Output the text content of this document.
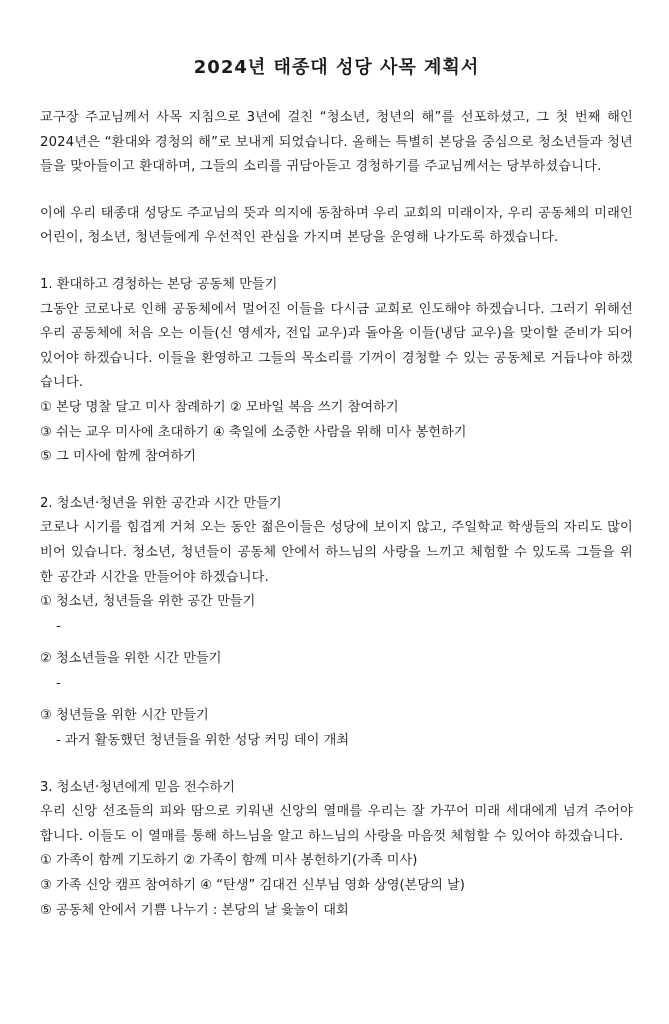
2024년 태종대 성당 사목 계획서

교구장 주교님께서 사목 지침으로 3년에 걸친 “청소년, 청년의 해”를 선포하셨고, 그 첫 번째 해인 2024년은 “환대와 경청의 해”로 보내게 되었습니다. 올해는 특별히 본당을 중심으로 청소년들과 청년들을 맞아들이고 환대하며, 그들의 소리를 귀담아듣고 경청하기를 주교님께서는 당부하셨습니다.

이에 우리 태종대 성당도 주교님의 뜻과 의지에 동참하며 우리 교회의 미래이자, 우리 공동체의 미래인 어린이, 청소년, 청년들에게 우선적인 관심을 가지며 본당을 운영해 나가도록 하겠습니다.

1. 환대하고 경청하는 본당 공동체 만들기

그동안 코로나로 인해 공동체에서 멀어진 이들을 다시금 교회로 인도해야 하겠습니다. 그러기 위해선 우리 공동체에 처음 오는 이들(신 영세자, 전입 교우)과 돌아올 이들(냉담 교우)을 맞이할 준비가 되어 있어야 하겠습니다. 이들을 환영하고 그들의 목소리를 기꺼이 경청할 수 있는 공동체로 거듭나야 하겠습니다.

① 본당 명찰 달고 미사 참례하기 ② 모바일 복음 쓰기 참여하기

③ 쉬는 교우 미사에 초대하기 ④ 축일에 소중한 사람을 위해 미사 봉헌하기

⑤ 그 미사에 함께 참여하기

2. 청소년·청년을 위한 공간과 시간 만들기

코로나 시기를 힘겹게 거쳐 오는 동안 젊은이들은 성당에 보이지 않고, 주일학교 학생들의 자리도 많이 비어 있습니다. 청소년, 청년들이 공동체 안에서 하느님의 사랑을 느끼고 체험할 수 있도록 그들을 위한 공간과 시간을 만들어야 하겠습니다.

① 청소년, 청년들을 위한 공간 만들기

-

② 청소년들을 위한 시간 만들기

-

③ 청년들을 위한 시간 만들기

- 과거 활동했던 청년들을 위한 성당 커밍 데이 개최

3. 청소년·청년에게 믿음 전수하기

우리 신앙 선조들의 피와 땀으로 키워낸 신앙의 열매를 우리는 잘 가꾸어 미래 세대에게 넘겨 주어야 합니다. 이들도 이 열매를 통해 하느님을 알고 하느님의 사랑을 마음껏 체험할 수 있어야 하겠습니다.

① 가족이 함께 기도하기 ② 가족이 함께 미사 봉헌하기(가족 미사)

③ 가족 신앙 캠프 참여하기 ④ “탄생” 김대건 신부님 영화 상영(본당의 날)

⑤ 공동체 안에서 기쁨 나누기 : 본당의 날 윷놀이 대회
